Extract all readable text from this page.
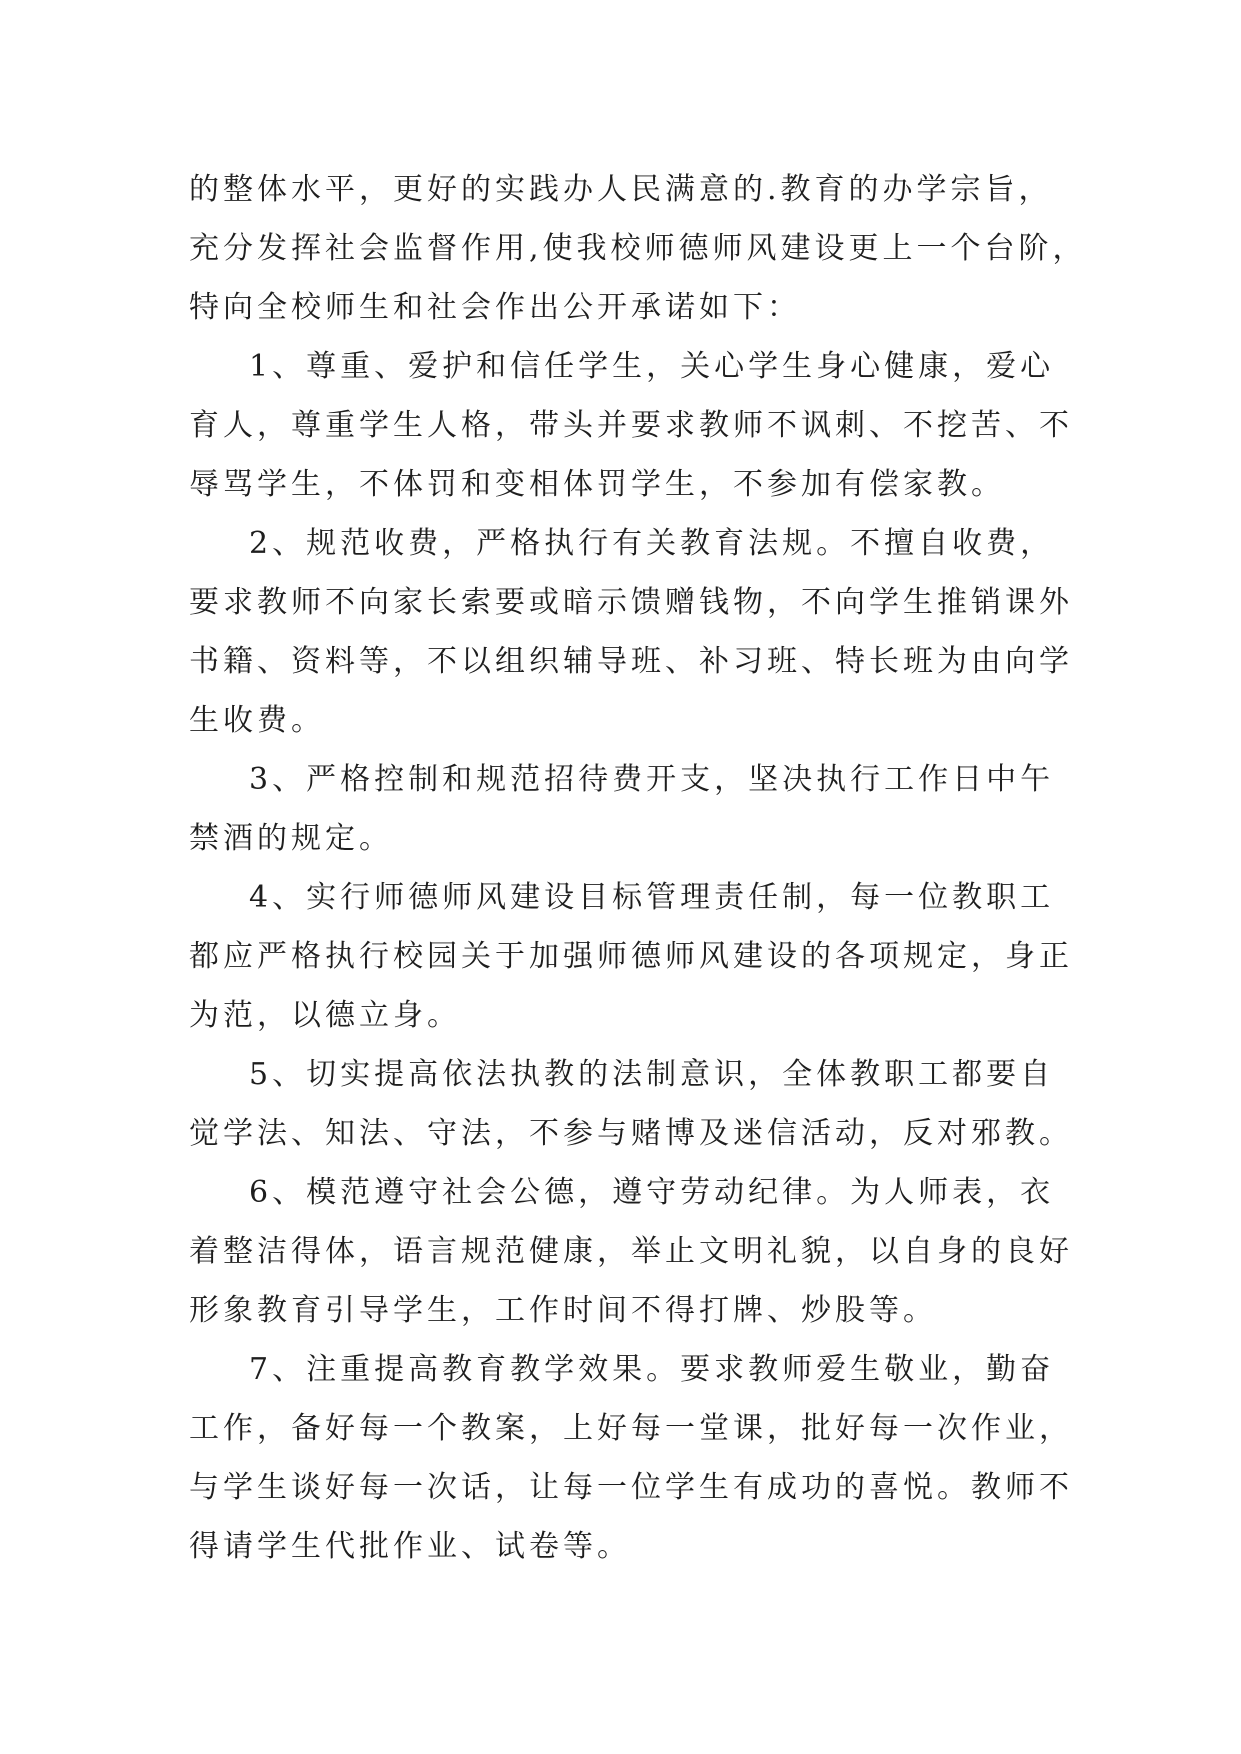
的整体水平，更好的实践办人民满意的.教育的办学宗旨，
充分发挥社会监督作用,使我校师德师风建设更上一个台阶，
特向全校师生和社会作出公开承诺如下：
1、尊重、爱护和信任学生，关心学生身心健康，爱心
育人，尊重学生人格，带头并要求教师不讽刺、不挖苦、不
辱骂学生，不体罚和变相体罚学生，不参加有偿家教。
2、规范收费，严格执行有关教育法规。不擅自收费，
要求教师不向家长索要或暗示馈赠钱物，不向学生推销课外
书籍、资料等，不以组织辅导班、补习班、特长班为由向学
生收费。
3、严格控制和规范招待费开支，坚决执行工作日中午
禁酒的规定。
4、实行师德师风建设目标管理责任制，每一位教职工
都应严格执行校园关于加强师德师风建设的各项规定，身正
为范，以德立身。
5、切实提高依法执教的法制意识，全体教职工都要自
觉学法、知法、守法，不参与赌博及迷信活动，反对邪教。
6、模范遵守社会公德，遵守劳动纪律。为人师表，衣
着整洁得体，语言规范健康，举止文明礼貌，以自身的良好
形象教育引导学生，工作时间不得打牌、炒股等。
7、注重提高教育教学效果。要求教师爱生敬业，勤奋
工作，备好每一个教案，上好每一堂课，批好每一次作业，
与学生谈好每一次话，让每一位学生有成功的喜悦。教师不
得请学生代批作业、试卷等。
